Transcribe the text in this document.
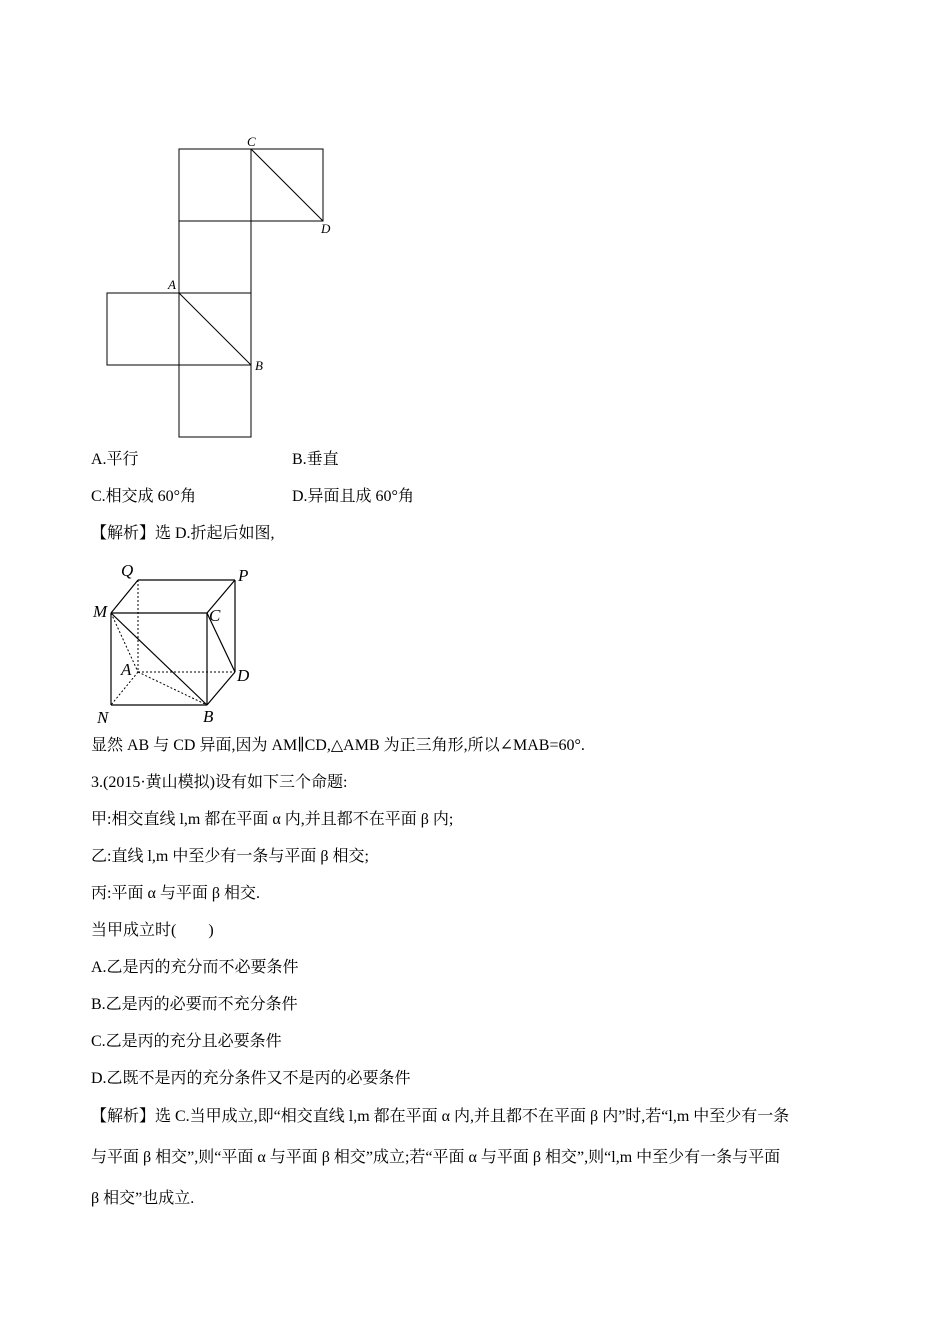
C
D
A
B
A.平行	B.垂直
C.相交成 60°角	D.异面且成 60°角
【解析】选 D.折起后如图,
Q	P
M	C
A	D
N	B
显然 AB 与 CD 异面,因为 AM∥CD,△AMB 为正三角形,所以∠MAB=60°.
3.(2015·黄山模拟)设有如下三个命题:
甲:相交直线 l,m 都在平面 α 内,并且都不在平面 β 内;
乙:直线 l,m 中至少有一条与平面 β 相交;
丙:平面 α 与平面 β 相交.
当甲成立时(　　)
A.乙是丙的充分而不必要条件
B.乙是丙的必要而不充分条件
C.乙是丙的充分且必要条件
D.乙既不是丙的充分条件又不是丙的必要条件
【解析】选 C.当甲成立,即“相交直线 l,m 都在平面 α 内,并且都不在平面 β 内”时,若“l,m 中至少有一条
与平面 β 相交”,则“平面 α 与平面 β 相交”成立;若“平面 α 与平面 β 相交”,则“l,m 中至少有一条与平面
β 相交”也成立.
